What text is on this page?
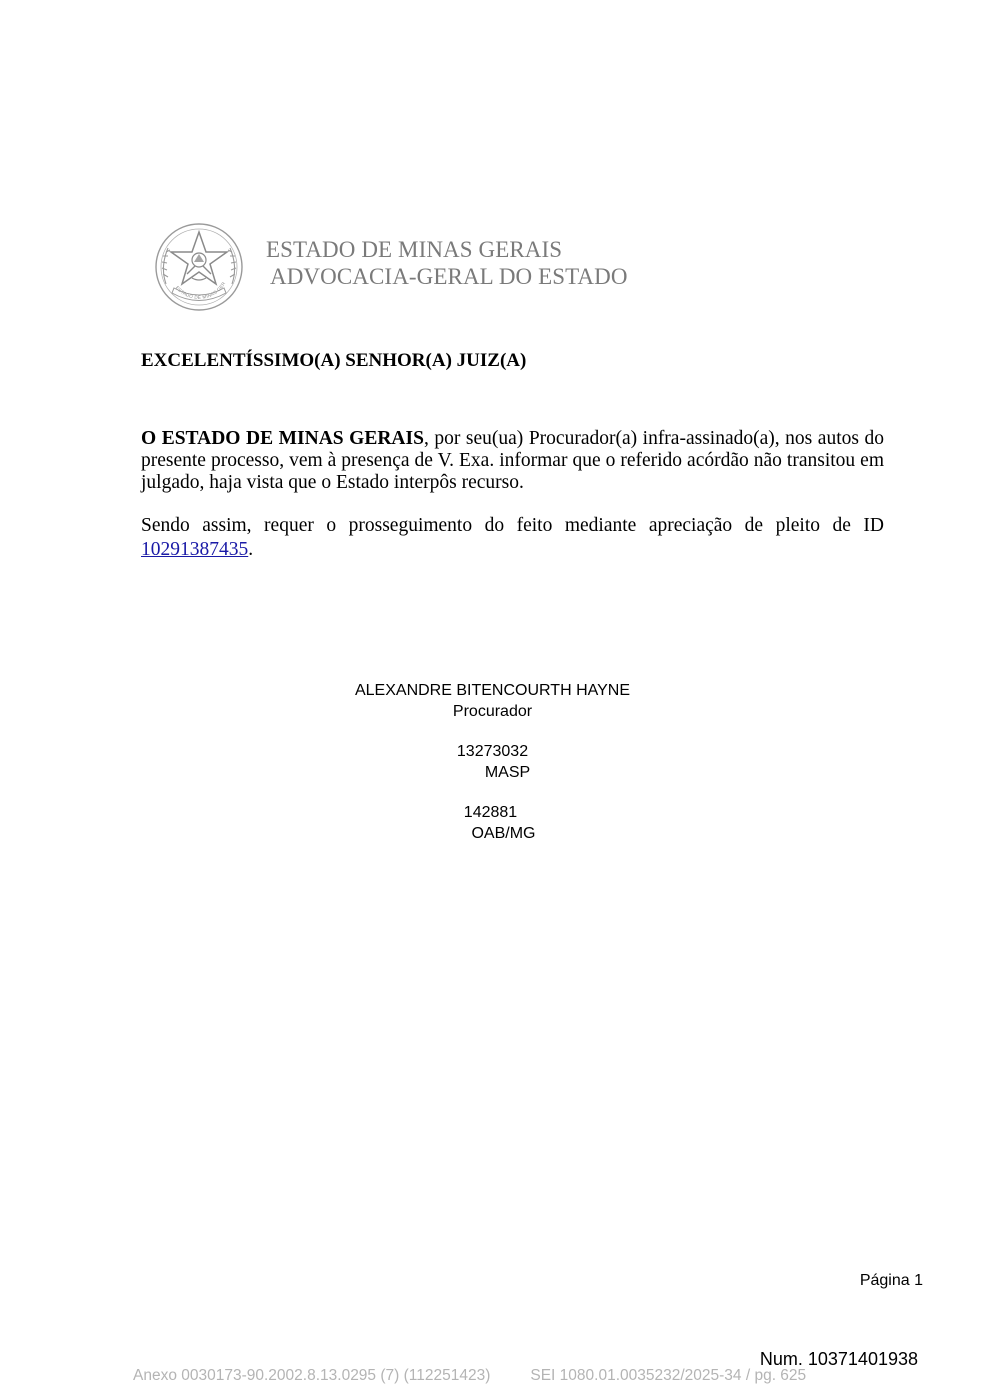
ESTADO DE MINAS GER
ESTADO DE MINAS GERAIS
ADVOCACIA-GERAL DO ESTADO
EXCELENTÍSSIMO(A) SENHOR(A) JUIZ(A)
O ESTADO DE MINAS GERAIS, por seu(ua) Procurador(a) infra-assinado(a), nos autos do presente processo, vem à presença de V. Exa. informar que o referido acórdão não transitou em julgado, haja vista que o Estado interpôs recurso.
Sendo assim, requer o prosseguimento do feito mediante apreciação de pleito de ID 10291387435.
ALEXANDRE BITENCOURTH HAYNE
Procurador
13273032
MASP
142881
OAB/MG
Página 1
Num. 10371401938
Anexo 0030173-90.2002.8.13.0295 (7) (112251423)	SEI 1080.01.0035232/2025-34 / pg. 625
